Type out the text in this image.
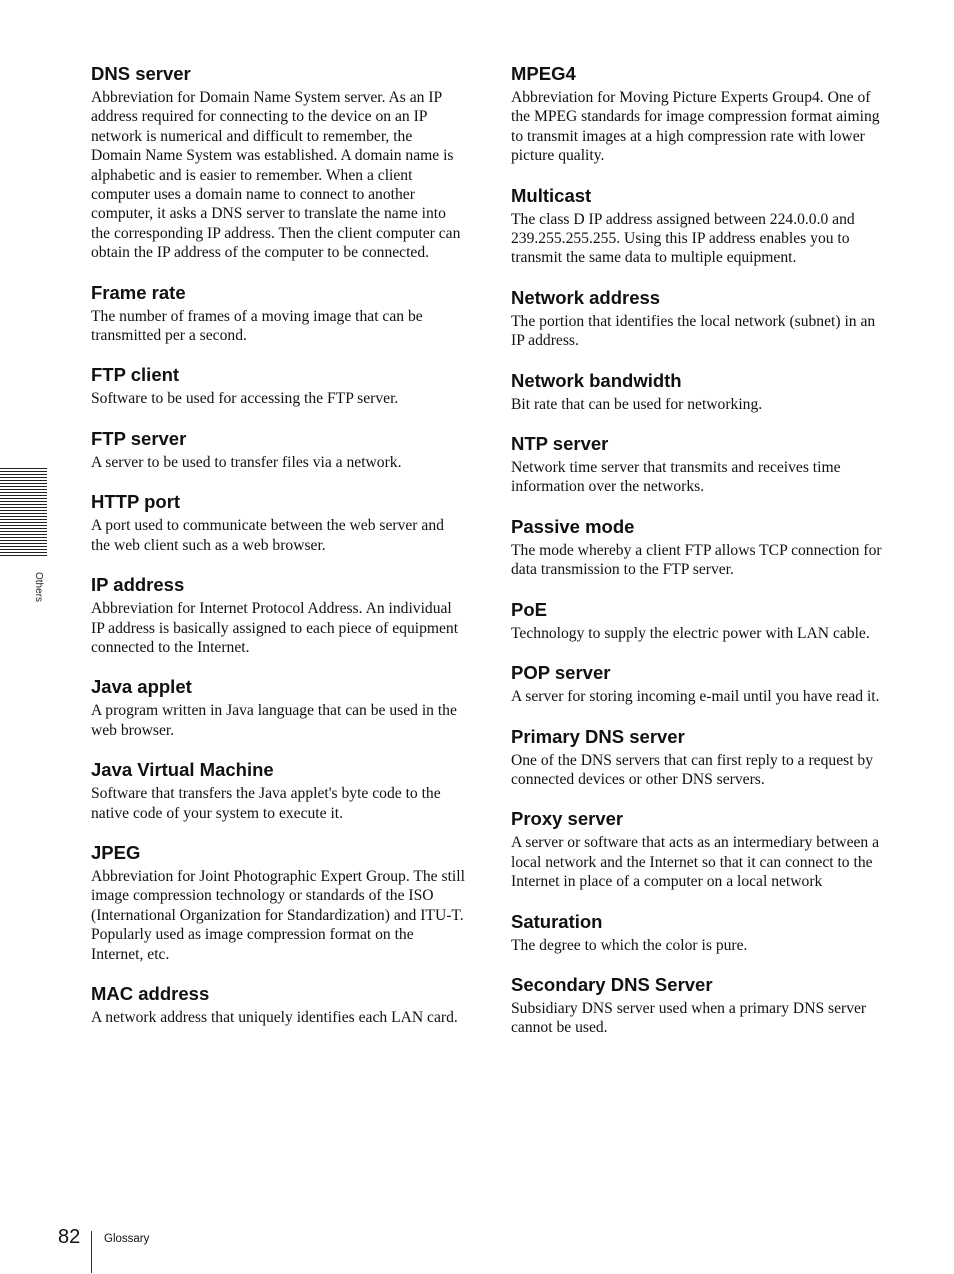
Others
DNS server

Abbreviation for Domain Name System server. As an IP address required for connecting to the device on an IP network is numerical and difficult to remember, the Domain Name System was established. A domain name is alphabetic and is easier to remember. When a client computer uses a domain name to connect to another computer, it asks a DNS server to translate the name into the corresponding IP address. Then the client computer can obtain the IP address of the computer to be connected.

Frame rate

The number of frames of a moving image that can be transmitted per a second.

FTP client

Software to be used for accessing the FTP server.

FTP server

A server to be used to transfer files via a network.

HTTP port

A port used to communicate between the web server and the web client such as a web browser.

IP address

Abbreviation for Internet Protocol Address. An individual IP address is basically assigned to each piece of equipment connected to the Internet.

Java applet

A program written in Java language that can be used in the web browser.

Java Virtual Machine

Software that transfers the Java applet's byte code to the native code of your system to execute it.

JPEG

Abbreviation for Joint Photographic Expert Group. The still image compression technology or standards of the ISO (International Organization for Standardization) and ITU-T. Popularly used as image compression format on the Internet, etc.

MAC address

A network address that uniquely identifies each LAN card.

MPEG4

Abbreviation for Moving Picture Experts Group4. One of the MPEG standards for image compression format aiming to transmit images at a high compression rate with lower picture quality.

Multicast

The class D IP address assigned between 224.0.0.0 and 239.255.255.255. Using this IP address enables you to transmit the same data to multiple equipment.

Network address

The portion that identifies the local network (subnet) in an IP address.

Network bandwidth

Bit rate that can be used for networking.

NTP server

Network time server that transmits and receives time information over the networks.

Passive mode

The mode whereby a client FTP allows TCP connection for data transmission to the FTP server.

PoE

Technology to supply the electric power with LAN cable.

POP server

A server for storing incoming e-mail until you have read it.

Primary DNS server

One of the DNS servers that can first reply to a request by connected devices or other DNS servers.

Proxy server

A server or software that acts as an intermediary between a local network and the Internet so that it can connect to the Internet in place of a computer on a local network

Saturation

The degree to which the color is pure.

Secondary DNS Server

Subsidiary DNS server used when a primary DNS server cannot be used.

82 Glossary
